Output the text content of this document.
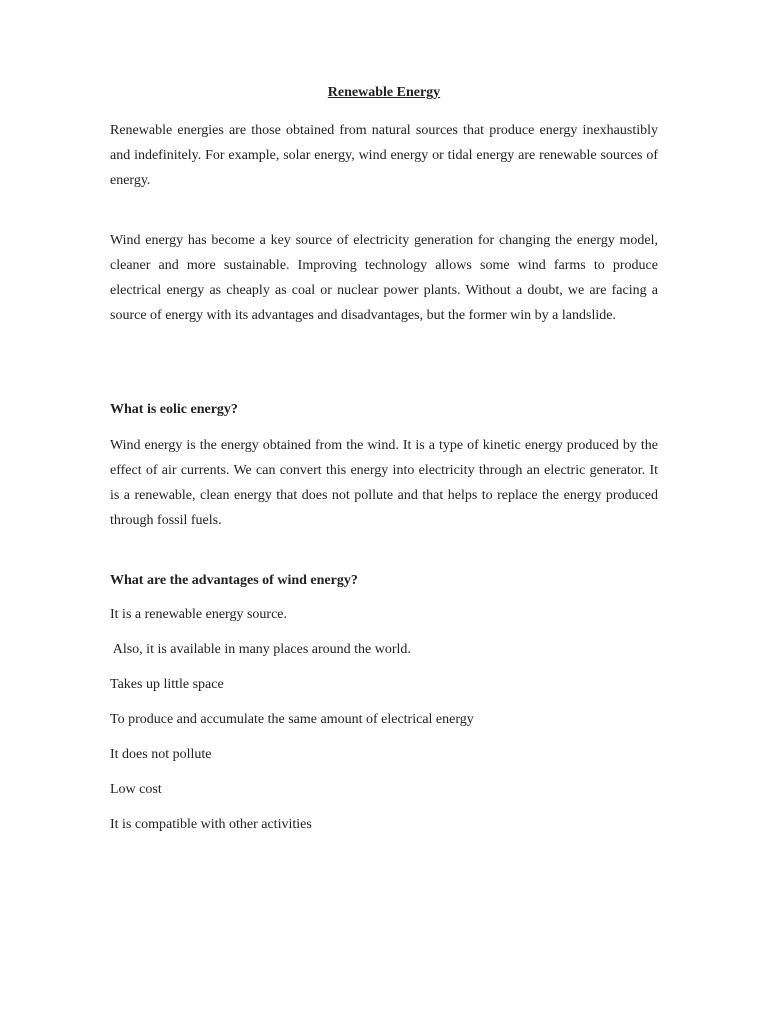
Renewable Energy

Renewable energies are those obtained from natural sources that produce energy inexhaustibly and indefinitely. For example, solar energy, wind energy or tidal energy are renewable sources of energy.

Wind energy has become a key source of electricity generation for changing the energy model, cleaner and more sustainable. Improving technology allows some wind farms to produce electrical energy as cheaply as coal or nuclear power plants. Without a doubt, we are facing a source of energy with its advantages and disadvantages, but the former win by a landslide.

What is eolic energy?

Wind energy is the energy obtained from the wind. It is a type of kinetic energy produced by the effect of air currents. We can convert this energy into electricity through an electric generator. It is a renewable, clean energy that does not pollute and that helps to replace the energy produced through fossil fuels.

What are the advantages of wind energy?

It is a renewable energy source.

Also, it is available in many places around the world.

Takes up little space

To produce and accumulate the same amount of electrical energy

It does not pollute

Low cost

It is compatible with other activities
